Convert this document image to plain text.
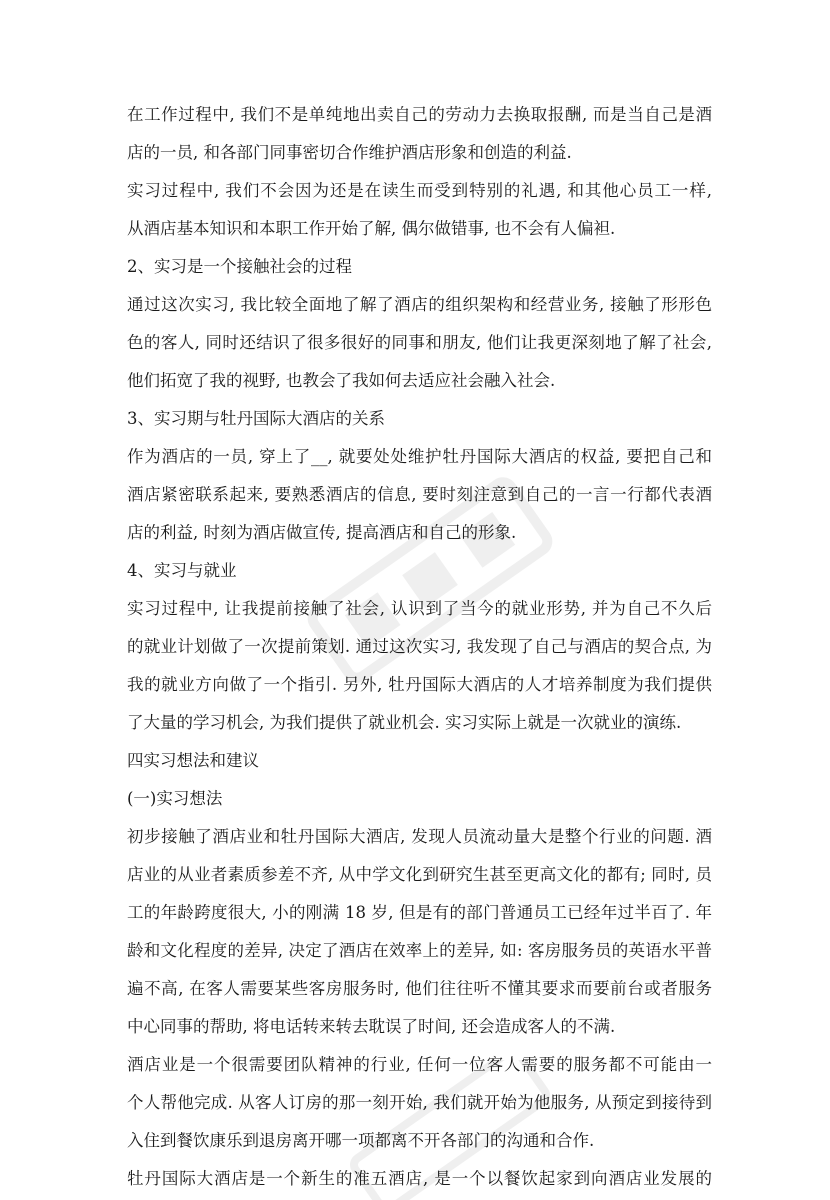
在工作过程中, 我们不是单纯地出卖自己的劳动力去换取报酬, 而是当自己是酒
店的一员, 和各部门同事密切合作维护酒店形象和创造的利益.
实习过程中, 我们不会因为还是在读生而受到特别的礼遇, 和其他心员工一样,
从酒店基本知识和本职工作开始了解, 偶尔做错事, 也不会有人偏袒.
2、实习是一个接触社会的过程
通过这次实习, 我比较全面地了解了酒店的组织架构和经营业务, 接触了形形色
色的客人, 同时还结识了很多很好的同事和朋友, 他们让我更深刻地了解了社会,
他们拓宽了我的视野, 也教会了我如何去适应社会融入社会.
3、实习期与牡丹国际大酒店的关系
作为酒店的一员, 穿上了__, 就要处处维护牡丹国际大酒店的权益, 要把自己和
酒店紧密联系起来, 要熟悉酒店的信息, 要时刻注意到自己的一言一行都代表酒
店的利益, 时刻为酒店做宣传, 提高酒店和自己的形象.
4、实习与就业
实习过程中, 让我提前接触了社会, 认识到了当今的就业形势, 并为自己不久后
的就业计划做了一次提前策划. 通过这次实习, 我发现了自己与酒店的契合点, 为
我的就业方向做了一个指引. 另外, 牡丹国际大酒店的人才培养制度为我们提供
了大量的学习机会, 为我们提供了就业机会. 实习实际上就是一次就业的演练.
四实习想法和建议
(一)实习想法
初步接触了酒店业和牡丹国际大酒店, 发现人员流动量大是整个行业的问题. 酒
店业的从业者素质参差不齐, 从中学文化到研究生甚至更高文化的都有; 同时, 员
工的年龄跨度很大, 小的刚满 18 岁, 但是有的部门普通员工已经年过半百了. 年
龄和文化程度的差异, 决定了酒店在效率上的差异, 如: 客房服务员的英语水平普
遍不高, 在客人需要某些客房服务时, 他们往往听不懂其要求而要前台或者服务
中心同事的帮助, 将电话转来转去耽误了时间, 还会造成客人的不满.
酒店业是一个很需要团队精神的行业, 任何一位客人需要的服务都不可能由一
个人帮他完成. 从客人订房的那一刻开始, 我们就开始为他服务, 从预定到接待到
入住到餐饮康乐到退房离开哪一项都离不开各部门的沟通和合作.
牡丹国际大酒店是一个新生的准五酒店, 是一个以餐饮起家到向酒店业发展的
